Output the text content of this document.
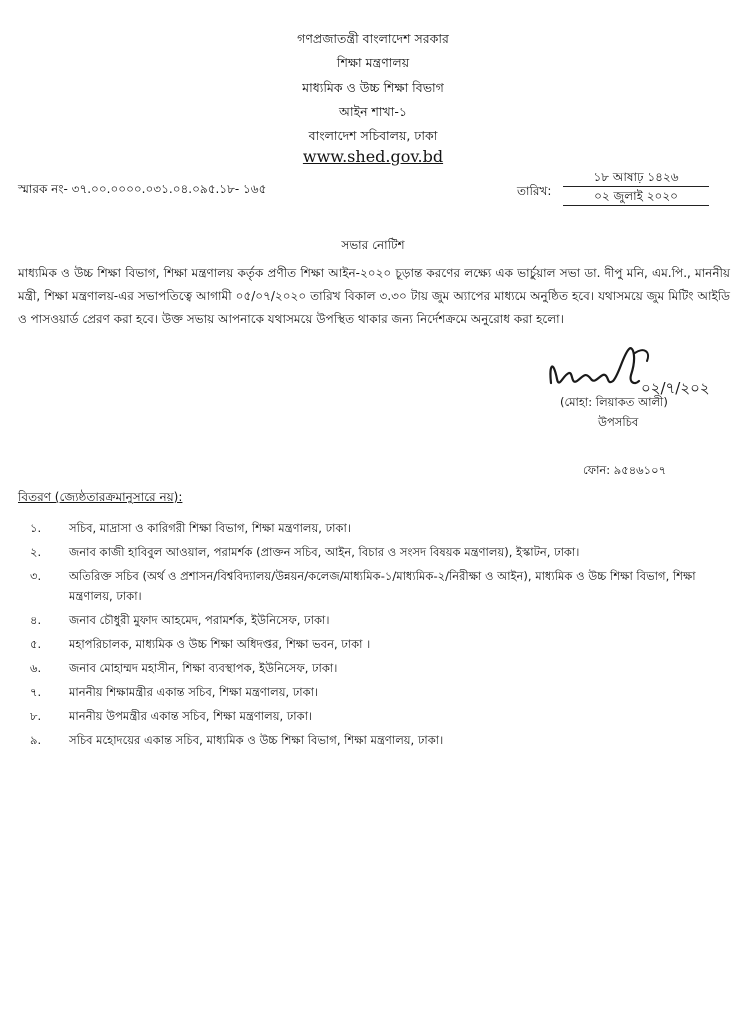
গণপ্রজাতন্ত্রী বাংলাদেশ সরকার
শিক্ষা মন্ত্রণালয়
মাধ্যমিক ও উচ্চ শিক্ষা বিভাগ
আইন শাখা-১
বাংলাদেশ সচিবালয়, ঢাকা
www.shed.gov.bd
স্মারক নং- ৩৭.০০.০০০০.০৩১.০৪.০৯৫.১৮- ১৬৫	তারিখ:
১৮ আষাঢ় ১৪২৬
০২ জুলাই ২০২০
সভার নোটিশ
মাধ্যমিক ও উচ্চ শিক্ষা বিভাগ, শিক্ষা মন্ত্রণালয় কর্তৃক প্রণীত শিক্ষা আইন-২০২০ চূড়ান্ত করণের লক্ষ্যে এক ভার্চুয়াল সভা ডা. দীপু মনি, এম.পি., মাননীয় মন্ত্রী, শিক্ষা মন্ত্রণালয়-এর সভাপতিত্বে আগামী ০৫/০৭/২০২০ তারিখ বিকাল ৩.৩০ টায় জুম অ্যাপের মাধ্যমে অনুষ্ঠিত হবে। যথাসময়ে জুম মিটিং আইডি ও পাসওয়ার্ড প্রেরণ করা হবে। উক্ত সভায় আপনাকে যথাসময়ে উপস্থিত থাকার জন্য নির্দেশক্রমে অনুরোধ করা হলো।
০২/৭/২০২
(মোহা: লিয়াকত আলী)
উপসচিব
ফোন: ৯৫৪৬১০৭
বিতরণ (জ্যেষ্ঠতারক্রমানুসারে নয়):
১.	সচিব, মাদ্রাসা ও কারিগরী শিক্ষা বিভাগ, শিক্ষা মন্ত্রণালয়, ঢাকা।
২.	জনাব কাজী হাবিবুল আওয়াল, পরামর্শক (প্রাক্তন সচিব, আইন, বিচার ও সংসদ বিষয়ক মন্ত্রণালয়), ইস্কাটন, ঢাকা।
৩.	অতিরিক্ত সচিব (অর্থ ও প্রশাসন/বিশ্ববিদ্যালয়/উন্নয়ন/কলেজ/মাধ্যমিক-১/মাধ্যমিক-২/নিরীক্ষা ও আইন), মাধ্যমিক ও উচ্চ শিক্ষা বিভাগ, শিক্ষা মন্ত্রণালয়, ঢাকা।
৪.	জনাব চৌধুরী মুফাদ আহমেদ, পরামর্শক, ইউনিসেফ, ঢাকা।
৫.	মহাপরিচালক, মাধ্যমিক ও উচ্চ শিক্ষা অধিদপ্তর, শিক্ষা ভবন, ঢাকা ।
৬.	জনাব মোহাম্মদ মহাসীন, শিক্ষা ব্যবস্থাপক, ইউনিসেফ, ঢাকা।
৭.	মাননীয় শিক্ষামন্ত্রীর একান্ত সচিব, শিক্ষা মন্ত্রণালয়, ঢাকা।
৮.	মাননীয় উপমন্ত্রীর একান্ত সচিব, শিক্ষা মন্ত্রণালয়, ঢাকা।
৯.	সচিব মহোদয়ের একান্ত সচিব, মাধ্যমিক ও উচ্চ শিক্ষা বিভাগ, শিক্ষা মন্ত্রণালয়, ঢাকা।
